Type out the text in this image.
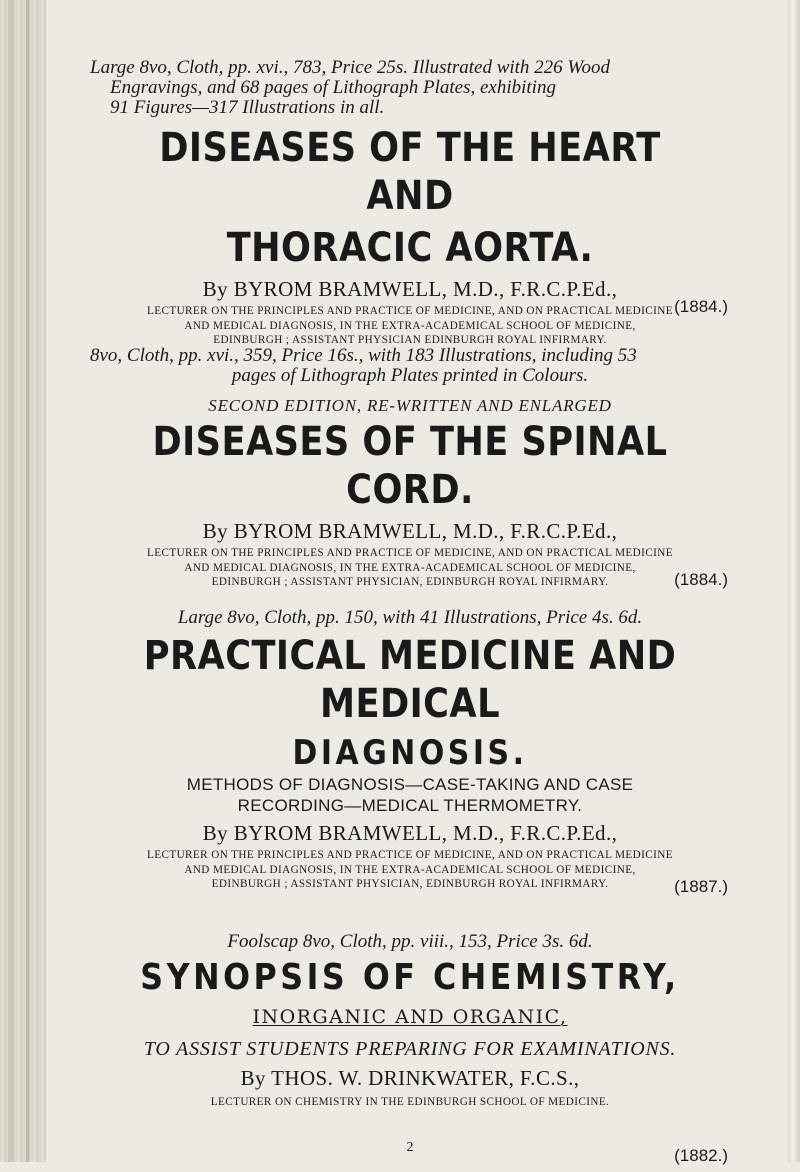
Large 8vo, Cloth, pp. xvi., 783, Price 25s. Illustrated with 226 Wood

Engravings, and 68 pages of Lithograph Plates, exhibiting

91 Figures—317 Illustrations in all.

DISEASES OF THE HEART AND
THORACIC AORTA.
By BYROM BRAMWELL, M.D., F.R.C.P.Ed.,

LECTURER ON THE PRINCIPLES AND PRACTICE OF MEDICINE, AND ON PRACTICAL MEDICINE

AND MEDICAL DIAGNOSIS, IN THE EXTRA-ACADEMICAL SCHOOL OF MEDICINE,

EDINBURGH ; ASSISTANT PHYSICIAN EDINBURGH ROYAL INFIRMARY.

(1884.)

8vo, Cloth, pp. xvi., 359, Price 16s., with 183 Illustrations, including 53

pages of Lithograph Plates printed in Colours.

SECOND EDITION, RE-WRITTEN AND ENLARGED
DISEASES OF THE SPINAL CORD.
By BYROM BRAMWELL, M.D., F.R.C.P.Ed.,

LECTURER ON THE PRINCIPLES AND PRACTICE OF MEDICINE, AND ON PRACTICAL MEDICINE

AND MEDICAL DIAGNOSIS, IN THE EXTRA-ACADEMICAL SCHOOL OF MEDICINE,

EDINBURGH ; ASSISTANT PHYSICIAN, EDINBURGH ROYAL INFIRMARY.	(1884.)

Large 8vo, Cloth, pp. 150, with 41 Illustrations, Price 4s. 6d.

PRACTICAL MEDICINE AND MEDICAL
DIAGNOSIS.

METHODS OF DIAGNOSIS—CASE-TAKING AND CASE

RECORDING—MEDICAL THERMOMETRY.

By BYROM BRAMWELL, M.D., F.R.C.P.Ed.,

LECTURER ON THE PRINCIPLES AND PRACTICE OF MEDICINE, AND ON PRACTICAL MEDICINE

AND MEDICAL DIAGNOSIS, IN THE EXTRA-ACADEMICAL SCHOOL OF MEDICINE,

EDINBURGH ; ASSISTANT PHYSICIAN, EDINBURGH ROYAL INFIRMARY.	(1887.)

Foolscap 8vo, Cloth, pp. viii., 153, Price 3s. 6d.

SYNOPSIS OF CHEMISTRY,
INORGANIC AND ORGANIC,
TO ASSIST STUDENTS PREPARING FOR EXAMINATIONS.
By THOS. W. DRINKWATER, F.C.S.,

LECTURER ON CHEMISTRY IN THE EDINBURGH SCHOOL OF MEDICINE.

(1882.)
2
